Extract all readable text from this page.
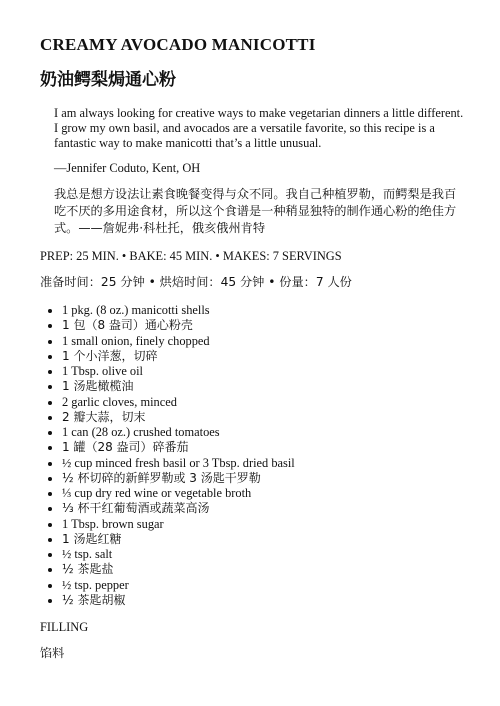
CREAMY AVOCADO MANICOTTI
奶油鳄梨焗通心粉

I am always looking for creative ways to make vegetarian dinners a little different. I grow my own basil, and avocados are a versatile favorite, so this recipe is a fantastic way to make manicotti that’s a little unusual.

—Jennifer Coduto, Kent, OH

我总是想方设法让素食晚餐变得与众不同。我自己种植罗勒，而鳄梨是我百吃不厌的多用途食材，所以这个食谱是一种稍显独特的制作通心粉的绝佳方式。——詹妮弗·科杜托，俄亥俄州肯特

PREP: 25 MIN. • BAKE: 45 MIN. • MAKES: 7 SERVINGS

准备时间：25 分钟 • 烘焙时间：45 分钟 • 份量：7 人份

• 1 pkg. (8 oz.) manicotti shells
• 1 包（8 盎司）通心粉壳
• 1 small onion, finely chopped
• 1 个小洋葱，切碎
• 1 Tbsp. olive oil
• 1 汤匙橄榄油
• 2 garlic cloves, minced
• 2 瓣大蒜，切末
• 1 can (28 oz.) crushed tomatoes
• 1 罐（28 盎司）碎番茄
• ½ cup minced fresh basil or 3 Tbsp. dried basil
• ½ 杯切碎的新鲜罗勒或 3 汤匙干罗勒
• ⅓ cup dry red wine or vegetable broth
• ⅓ 杯干红葡萄酒或蔬菜高汤
• 1 Tbsp. brown sugar
• 1 汤匙红糖
• ½ tsp. salt
• ½ 茶匙盐
• ½ tsp. pepper
• ½ 茶匙胡椒

FILLING

馅料
